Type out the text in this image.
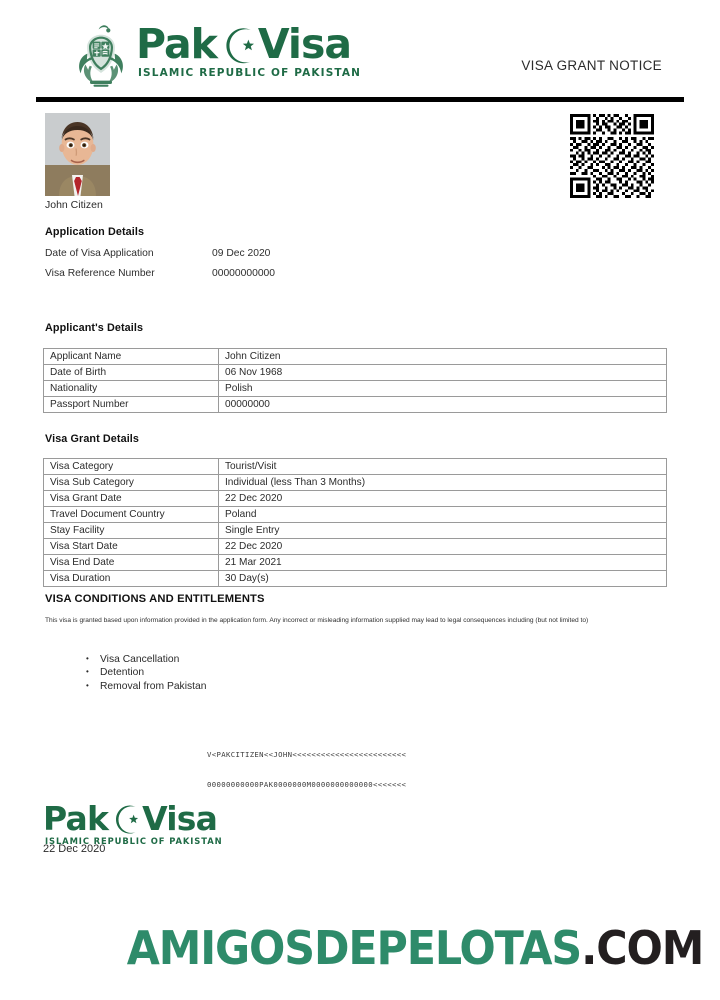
Pak Visa
ISLAMIC REPUBLIC OF PAKISTAN	VISA GRANT NOTICE
John Citizen
Application Details
Date of Visa Application	09 Dec 2020
Visa Reference Number	00000000000
Applicant's Details
Applicant Name	John Citizen
Date of Birth	06 Nov 1968
Nationality	Polish
Passport Number	00000000
Visa Grant Details
Visa Category	Tourist/Visit
Visa Sub Category	Individual (less Than 3 Months)
Visa Grant Date	22 Dec 2020
Travel Document Country	Poland
Stay Facility	Single Entry
Visa Start Date	22 Dec 2020
Visa End Date	21 Mar 2021
Visa Duration	30 Day(s)
VISA CONDITIONS AND ENTITLEMENTS
This visa is granted based upon information provided in the application form. Any incorrect or misleading information supplied may lead to legal consequences including (but not limited to)
• Visa Cancellation
• Detention
• Removal from Pakistan

V<PAKCITIZEN<<JOHN<<<<<<<<<<<<<<<<<<<<<<<<

00000000000PAK0000000M0000000000000<<<<<<<

Pak Visa
ISLAMIC REPUBLIC OF PAKISTAN
22 Dec 2020
AMIGOSDEPELOTAS.COM
